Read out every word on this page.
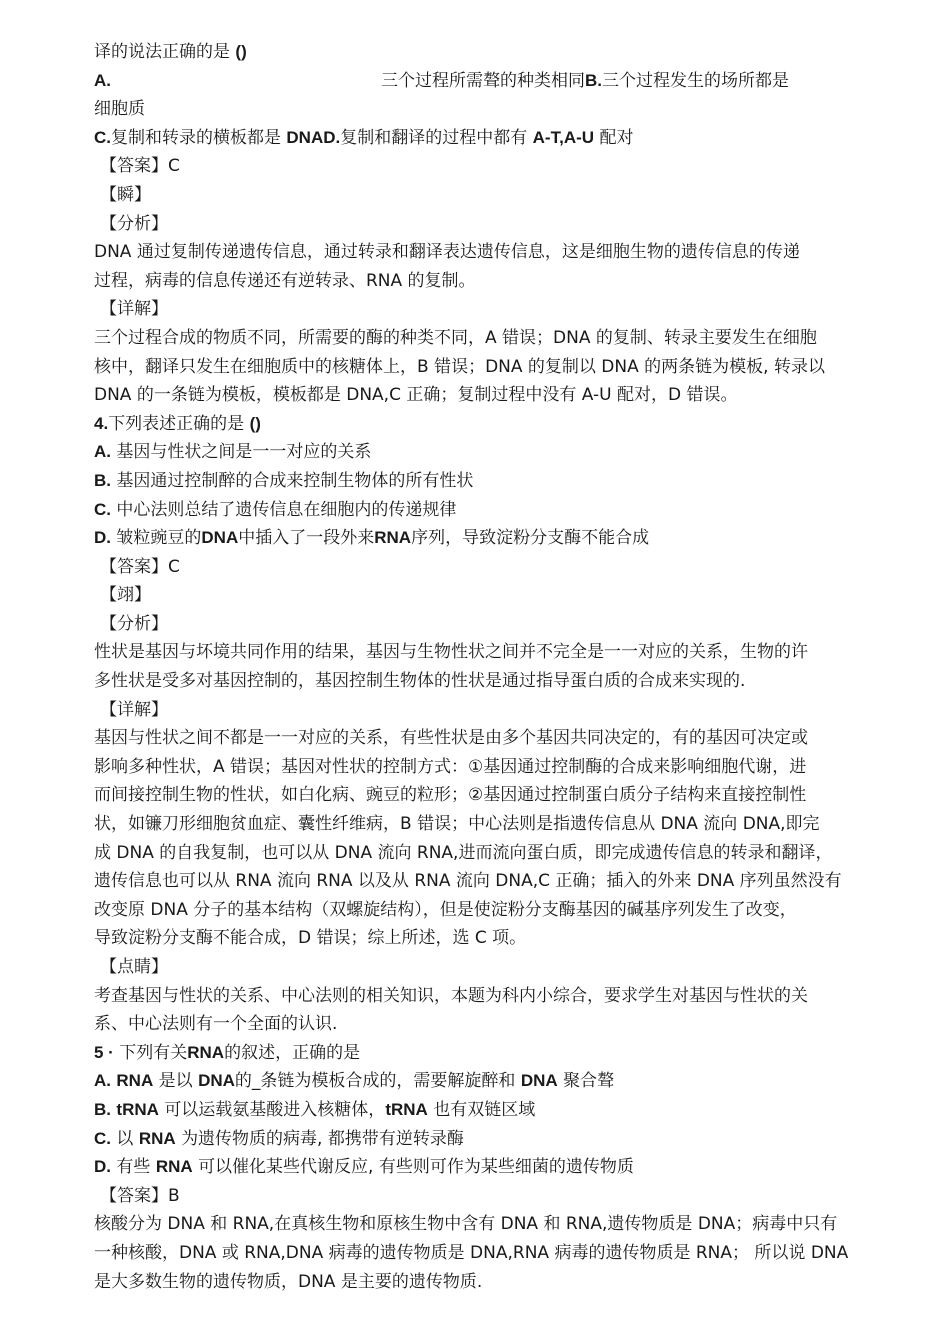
译的说法正确的是 ()
A.	三个过程所需聱的种类相同B.三个过程发生的场所都是
细胞质
C.复制和转录的横板都是 DNAD.复制和翻译的过程中都有 A-T,A-U 配对
【答案】C
【瞬】
【分析】
DNA 通过复制传递遗传信息，通过转录和翻译表达遗传信息，这是细胞生物的遗传信息的传递
过程，病毒的信息传递还有逆转录、RNA 的复制。
【详解】
三个过程合成的物质不同，所需要的酶的种类不同，A 错误；DNA 的复制、转录主要发生在细胞
核中，翻译只发生在细胞质中的核糖体上，B 错误；DNA 的复制以 DNA 的两条链为模板, 转录以
DNA 的一条链为模板，模板都是 DNA,C 正确；复制过程中没有 A-U 配对，D 错误。
4.下列表述正确的是 ()
A. 基因与性状之间是一一对应的关系
B. 基因通过控制醉的合成来控制生物体的所有性状
C. 中心法则总结了遗传信息在细胞内的传递规律
D. 皱粒豌豆的DNA中插入了一段外来RNA序列，导致淀粉分支酶不能合成
【答案】C
【翊】
【分析】
性状是基因与坏境共同作用的结果，基因与生物性状之间并不完全是一一对应的关系，生物的许
多性状是受多对基因控制的，基因控制生物体的性状是通过指导蛋白质的合成来实现的.
【详解】
基因与性状之间不都是一一对应的关系，有些性状是由多个基因共同决定的，有的基因可决定或
影响多种性状，A 错误；基因对性状的控制方式：①基因通过控制酶的合成来影响细胞代谢，进
而间接控制生物的性状，如白化病、豌豆的粒形；②基因通过控制蛋白质分子结构来直接控制性
状，如镰刀形细胞贫血症、囊性纤维病，B 错误；中心法则是指遗传信息从 DNA 流向 DNA,即完
成 DNA 的自我复制，也可以从 DNA 流向 RNA,进而流向蛋白质，即完成遗传信息的转录和翻译，
遗传信息也可以从 RNA 流向 RNA 以及从 RNA 流向 DNA,C 正确；插入的外来 DNA 序列虽然没有
改变原 DNA 分子的基本结构（双螺旋结构），但是使淀粉分支酶基因的碱基序列发生了改变，
导致淀粉分支酶不能合成，D 错误；综上所述，选 C 项。
【点睛】
考查基因与性状的关系、中心法则的相关知识，本题为科内小综合，要求学生对基因与性状的关
系、中心法则有一个全面的认识.
5 · 下列有关RNA的叙述，正确的是
A. RNA 是以 DNA的_条链为模板合成的，需要解旋醉和 DNA 聚合聱
B. tRNA 可以运载氨基酸进入核糖体，tRNA 也有双链区域
C. 以 RNA 为遗传物质的病毒, 都携带有逆转录酶
D. 有些 RNA 可以催化某些代谢反应, 有些则可作为某些细菌的遗传物质
【答案】B
核酸分为 DNA 和 RNA,在真核生物和原核生物中含有 DNA 和 RNA,遗传物质是 DNA；病毒中只有
一种核酸，DNA 或 RNA,DNA 病毒的遗传物质是 DNA,RNA 病毒的遗传物质是 RNA； 所以说 DNA
是大多数生物的遗传物质，DNA 是主要的遗传物质.
